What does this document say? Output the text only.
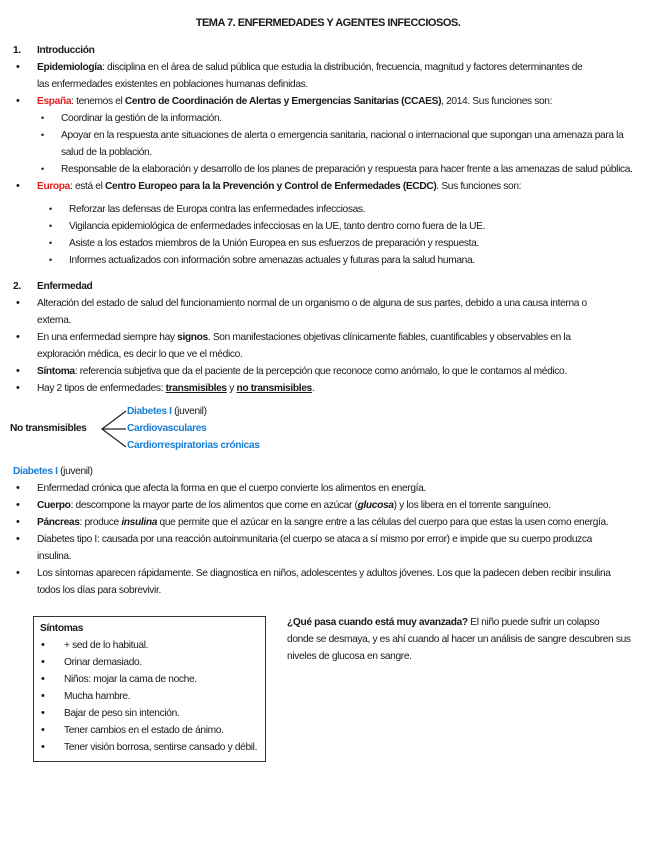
TEMA 7. ENFERMEDADES Y AGENTES INFECCIOSOS.
1. Introducción
• Epidemiología: disciplina en el área de salud pública que estudia la distribución, frecuencia, magnitud y factores determinantes de
las enfermedades existentes en poblaciones humanas definidas.
• España: tenemos el Centro de Coordinación de Alertas y Emergencias Sanitarias (CCAES), 2014. Sus funciones son:
• Coordinar la gestión de la información.
• Apoyar en la respuesta ante situaciones de alerta o emergencia sanitaria, nacional o internacional que supongan una amenaza para la
salud de la población.
• Responsable de la elaboración y desarrollo de los planes de preparación y respuesta para hacer frente a las amenazas de salud pública.
• Europa: está el Centro Europeo para la la Prevención y Control de Enfermedades (ECDC). Sus funciones son:
• Reforzar las defensas de Europa contra las enfermedades infecciosas.
• Vigilancia epidemiológica de enfermedades infecciosas en la UE, tanto dentro como fuera de la UE.
• Asiste a los estados miembros de la Unión Europea en sus esfuerzos de preparación y respuesta.
• Informes actualizados con información sobre amenazas actuales y futuras para la salud humana.
2. Enfermedad
• Alteración del estado de salud del funcionamiento normal de un organismo o de alguna de sus partes, debido a una causa interna o
externa.
• En una enfermedad siempre hay signos. Son manifestaciones objetivas clínicamente fiables, cuantificables y observables en la
exploración médica, es decir lo que ve el médico.
• Síntoma: referencia subjetiva que da el paciente de la percepción que reconoce como anómalo, lo que le contamos al médico.
• Hay 2 tipos de enfermedades: transmisibles y no transmisibles.
No transmisibles
Diabetes I (juvenil)
Cardiovasculares
Cardiorrespiratorias crónicas
Diabetes I (juvenil)
• Enfermedad crónica que afecta la forma en que el cuerpo convierte los alimentos en energía.
• Cuerpo: descompone la mayor parte de los alimentos que come en azúcar (glucosa) y los libera en el torrente sanguíneo.
• Páncreas: produce insulina que permite que el azúcar en la sangre entre a las células del cuerpo para que estas la usen como energía.
• Diabetes tipo I: causada por una reacción autoinmunitaria (el cuerpo se ataca a sí mismo por error) e impide que su cuerpo produzca
insulina.
• Los síntomas aparecen rápidamente. Se diagnostica en niños, adolescentes y adultos jóvenes. Los que la padecen deben recibir insulina
todos los días para sobrevivir.
Síntomas
• + sed de lo habitual.
• Orinar demasiado.
• Niños: mojar la cama de noche.
• Mucha hambre.
• Bajar de peso sin intención.
• Tener cambios en el estado de ánimo.
• Tener visión borrosa, sentirse cansado y débil.
¿Qué pasa cuando está muy avanzada? El niño puede sufrir un colapso
donde se desmaya, y es ahí cuando al hacer un análisis de sangre descubren sus
niveles de glucosa en sangre.
